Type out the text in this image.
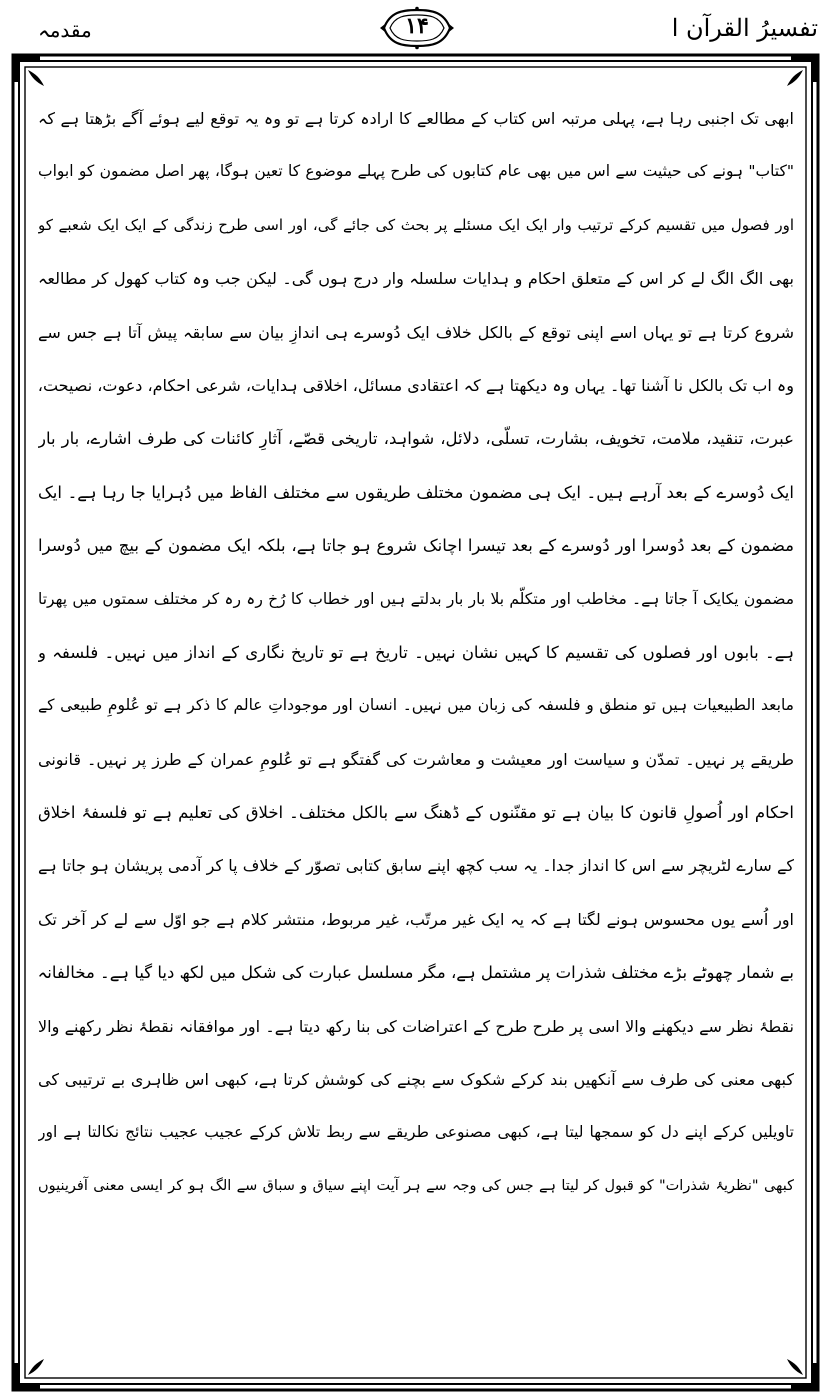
تفسیرُ القرآن ا
۱۴
مقدمہ
ابھی تک اجنبی رہا ہے، پہلی مرتبہ اس کتاب کے مطالعے کا ارادہ کرتا ہے تو وہ یہ توقع لیے ہوئے آگے بڑھتا ہے کہ
"کتاب" ہونے کی حیثیت سے اس میں بھی عام کتابوں کی طرح پہلے موضوع کا تعین ہوگا، پھر اصل مضمون کو ابواب
اور فصول میں تقسیم کرکے ترتیب وار ایک ایک مسئلے پر بحث کی جائے گی، اور اسی طرح زندگی کے ایک ایک شعبے کو
بھی الگ الگ لے کر اس کے متعلق احکام و ہدایات سلسلہ وار درج ہوں گی۔ لیکن جب وہ کتاب کھول کر مطالعہ
شروع کرتا ہے تو یہاں اسے اپنی توقع کے بالکل خلاف ایک دُوسرے ہی اندازِ بیان سے سابقہ پیش آتا ہے جس سے
وہ اب تک بالکل نا آشنا تھا۔ یہاں وہ دیکھتا ہے کہ اعتقادی مسائل، اخلاقی ہدایات، شرعی احکام، دعوت، نصیحت،
عبرت، تنقید، ملامت، تخویف، بشارت، تسلّی، دلائل، شواہد، تاریخی قصّے، آثارِ کائنات کی طرف اشارے، بار بار
ایک دُوسرے کے بعد آرہے ہیں۔ ایک ہی مضمون مختلف طریقوں سے مختلف الفاظ میں دُہرایا جا رہا ہے۔ ایک
مضمون کے بعد دُوسرا اور دُوسرے کے بعد تیسرا اچانک شروع ہو جاتا ہے، بلکہ ایک مضمون کے بیچ میں دُوسرا
مضمون یکایک آ جاتا ہے۔ مخاطب اور متکلّم بلا بار بار بدلتے ہیں اور خطاب کا رُخ رہ رہ کر مختلف سمتوں میں پھرتا
ہے۔ بابوں اور فصلوں کی تقسیم کا کہیں نشان نہیں۔ تاریخ ہے تو تاریخ نگاری کے انداز میں نہیں۔ فلسفہ و
مابعد الطبیعیات ہیں تو منطق و فلسفہ کی زبان میں نہیں۔ انسان اور موجوداتِ عالم کا ذکر ہے تو عُلومِ طبیعی کے
طریقے پر نہیں۔ تمدّن و سیاست اور معیشت و معاشرت کی گفتگو ہے تو عُلومِ عمران کے طرز پر نہیں۔ قانونی
احکام اور اُصولِ قانون کا بیان ہے تو مقنّنوں کے ڈھنگ سے بالکل مختلف۔ اخلاق کی تعلیم ہے تو فلسفۂ اخلاق
کے سارے لٹریچر سے اس کا انداز جدا۔ یہ سب کچھ اپنے سابق کتابی تصوّر کے خلاف پا کر آدمی پریشان ہو جاتا ہے
اور اُسے یوں محسوس ہونے لگتا ہے کہ یہ ایک غیر مرتّب، غیر مربوط، منتشر کلام ہے جو اوّل سے لے کر آخر تک
بے شمار چھوٹے بڑے مختلف شذرات پر مشتمل ہے، مگر مسلسل عبارت کی شکل میں لکھ دیا گیا ہے۔ مخالفانہ
نقطۂ نظر سے دیکھنے والا اسی پر طرح طرح کے اعتراضات کی بنا رکھ دیتا ہے۔ اور موافقانہ نقطۂ نظر رکھنے والا
کبھی معنی کی طرف سے آنکھیں بند کرکے شکوک سے بچنے کی کوشش کرتا ہے، کبھی اس ظاہری بے ترتیبی کی
تاویلیں کرکے اپنے دل کو سمجھا لیتا ہے، کبھی مصنوعی طریقے سے ربط تلاش کرکے عجیب عجیب نتائج نکالتا ہے اور
کبھی "نظریۂ شذرات" کو قبول کر لیتا ہے جس کی وجہ سے ہر آیت اپنے سیاق و سباق سے الگ ہو کر ایسی معنی آفرینیوں
